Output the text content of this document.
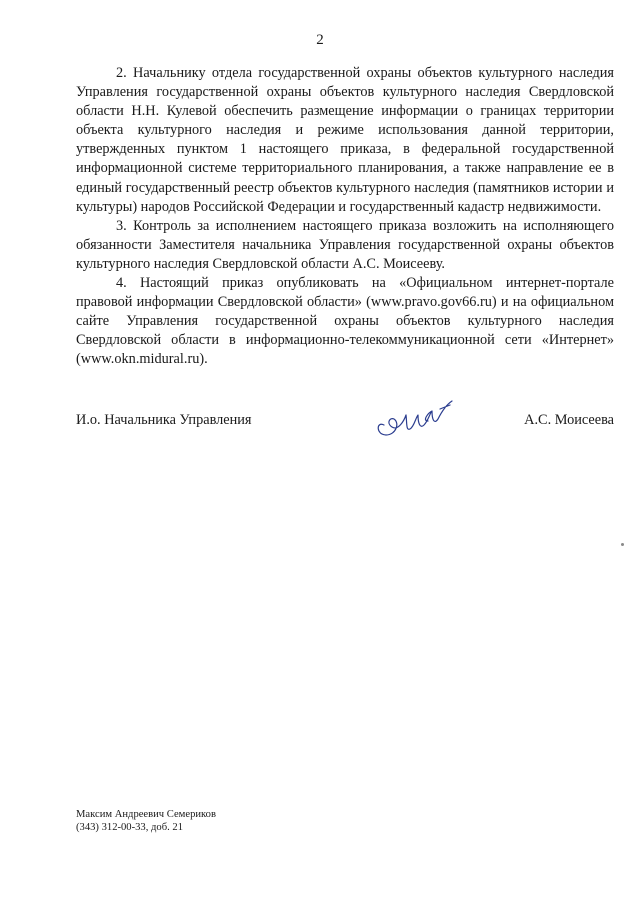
2

2. Начальнику отдела государственной охраны объектов культурного наследия Управления государственной охраны объектов культурного наследия Свердловской области Н.Н. Кулевой обеспечить размещение информации о границах территории объекта культурного наследия и режиме использования данной территории, утвержденных пунктом 1 настоящего приказа, в федеральной государственной информационной системе территориального планирования, а также направление ее в единый государственный реестр объектов культурного наследия (памятников истории и культуры) народов Российской Федерации и государственный кадастр недвижимости.

3. Контроль за исполнением настоящего приказа возложить на исполняющего обязанности Заместителя начальника Управления государственной охраны объектов культурного наследия Свердловской области А.С. Моисееву.

4. Настоящий приказ опубликовать на «Официальном интернет-портале правовой информации Свердловской области» (www.pravo.gov66.ru) и на официальном сайте Управления государственной охраны объектов культурного наследия Свердловской области в информационно-телекоммуникационной сети «Интернет» (www.okn.midural.ru).

И.о. Начальника Управления	А.С. Моисеева
Максим Андреевич Семериков
(343) 312-00-33, доб. 21
